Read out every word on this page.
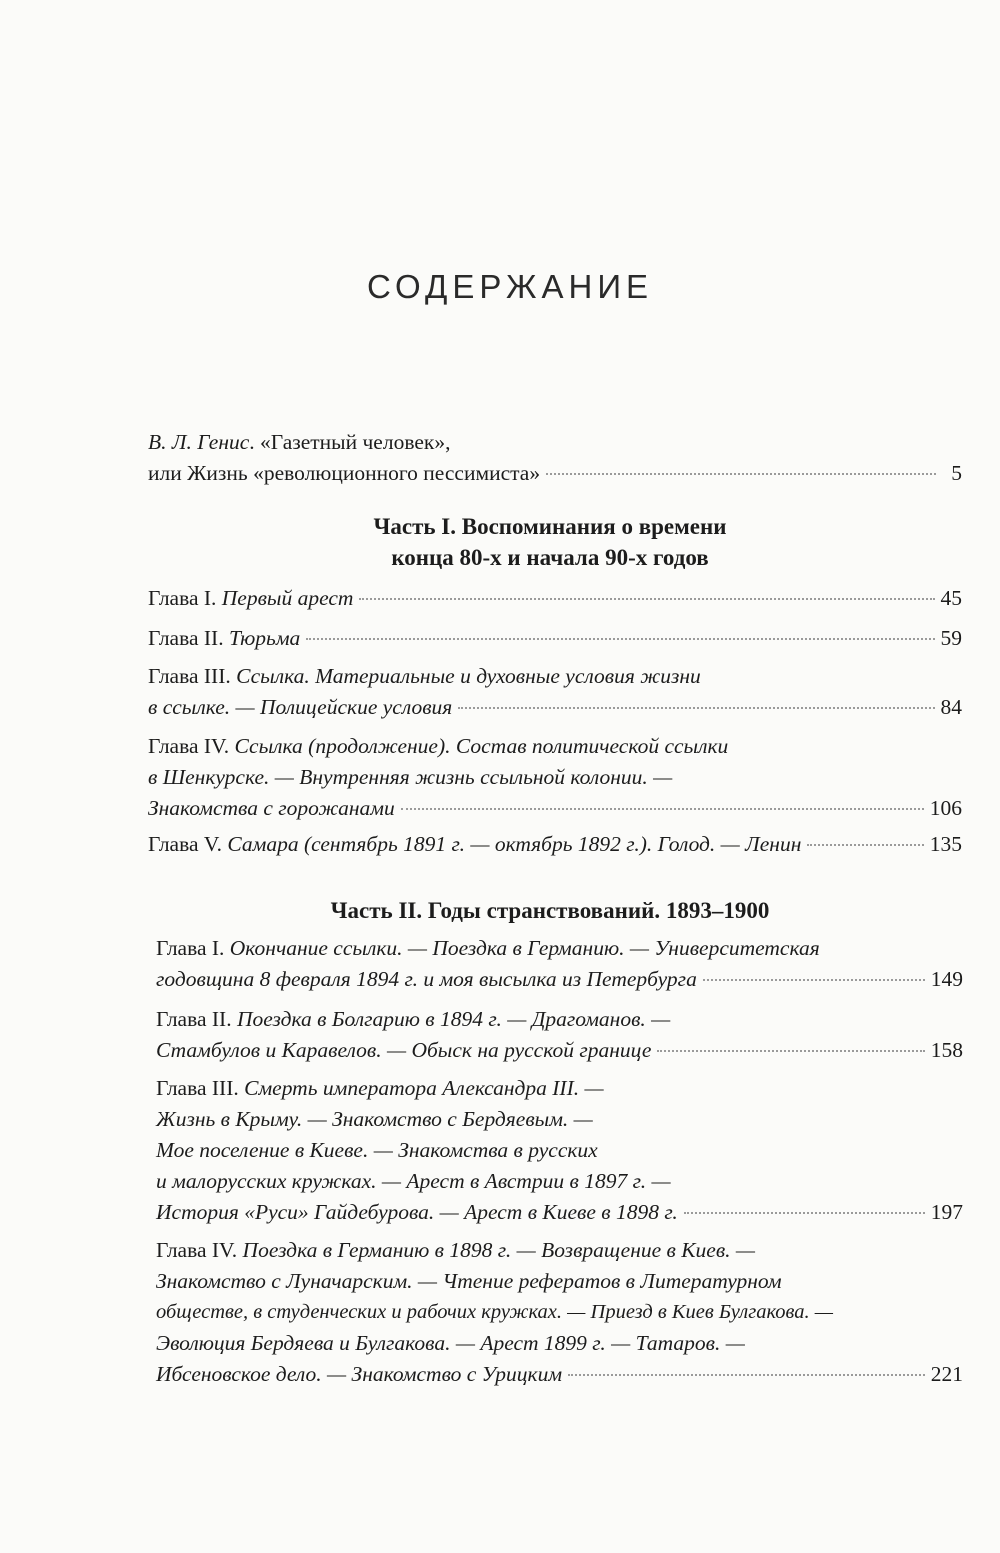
СОДЕРЖАНИЕ
В. Л. Генис. «Газетный человек»,
или Жизнь «революционного пессимиста»	5
Часть I. Воспоминания о времени
конца 80-х и начала 90-х годов
Глава I. Первый арест	45
Глава II. Тюрьма	59
Глава III. Ссылка. Материальные и духовные условия жизни
в ссылке. — Полицейские условия	84
Глава IV. Ссылка (продолжение). Состав политической ссылки
в Шенкурске. — Внутренняя жизнь ссыльной колонии. —
Знакомства с горожанами	106
Глава V. Самара (сентябрь 1891 г. — октябрь 1892 г.). Голод. — Ленин	135
Часть II. Годы странствований. 1893–1900
Глава I. Окончание ссылки. — Поездка в Германию. — Университетская
годовщина 8 февраля 1894 г. и моя высылка из Петербурга	149
Глава II. Поездка в Болгарию в 1894 г. — Драгоманов. —
Стамбулов и Каравелов. — Обыск на русской границе	158
Глава III. Смерть императора Александра III. —
Жизнь в Крыму. — Знакомство с Бердяевым. —
Мое поселение в Киеве. — Знакомства в русских
и малорусских кружках. — Арест в Австрии в 1897 г. —
История «Руси» Гайдебурова. — Арест в Киеве в 1898 г.	197
Глава IV. Поездка в Германию в 1898 г. — Возвращение в Киев. —
Знакомство с Луначарским. — Чтение рефератов в Литературном
обществе, в студенческих и рабочих кружках. — Приезд в Киев Булгакова. —
Эволюция Бердяева и Булгакова. — Арест 1899 г. — Татаров. —
Ибсеновское дело. — Знакомство с Урицким	221
